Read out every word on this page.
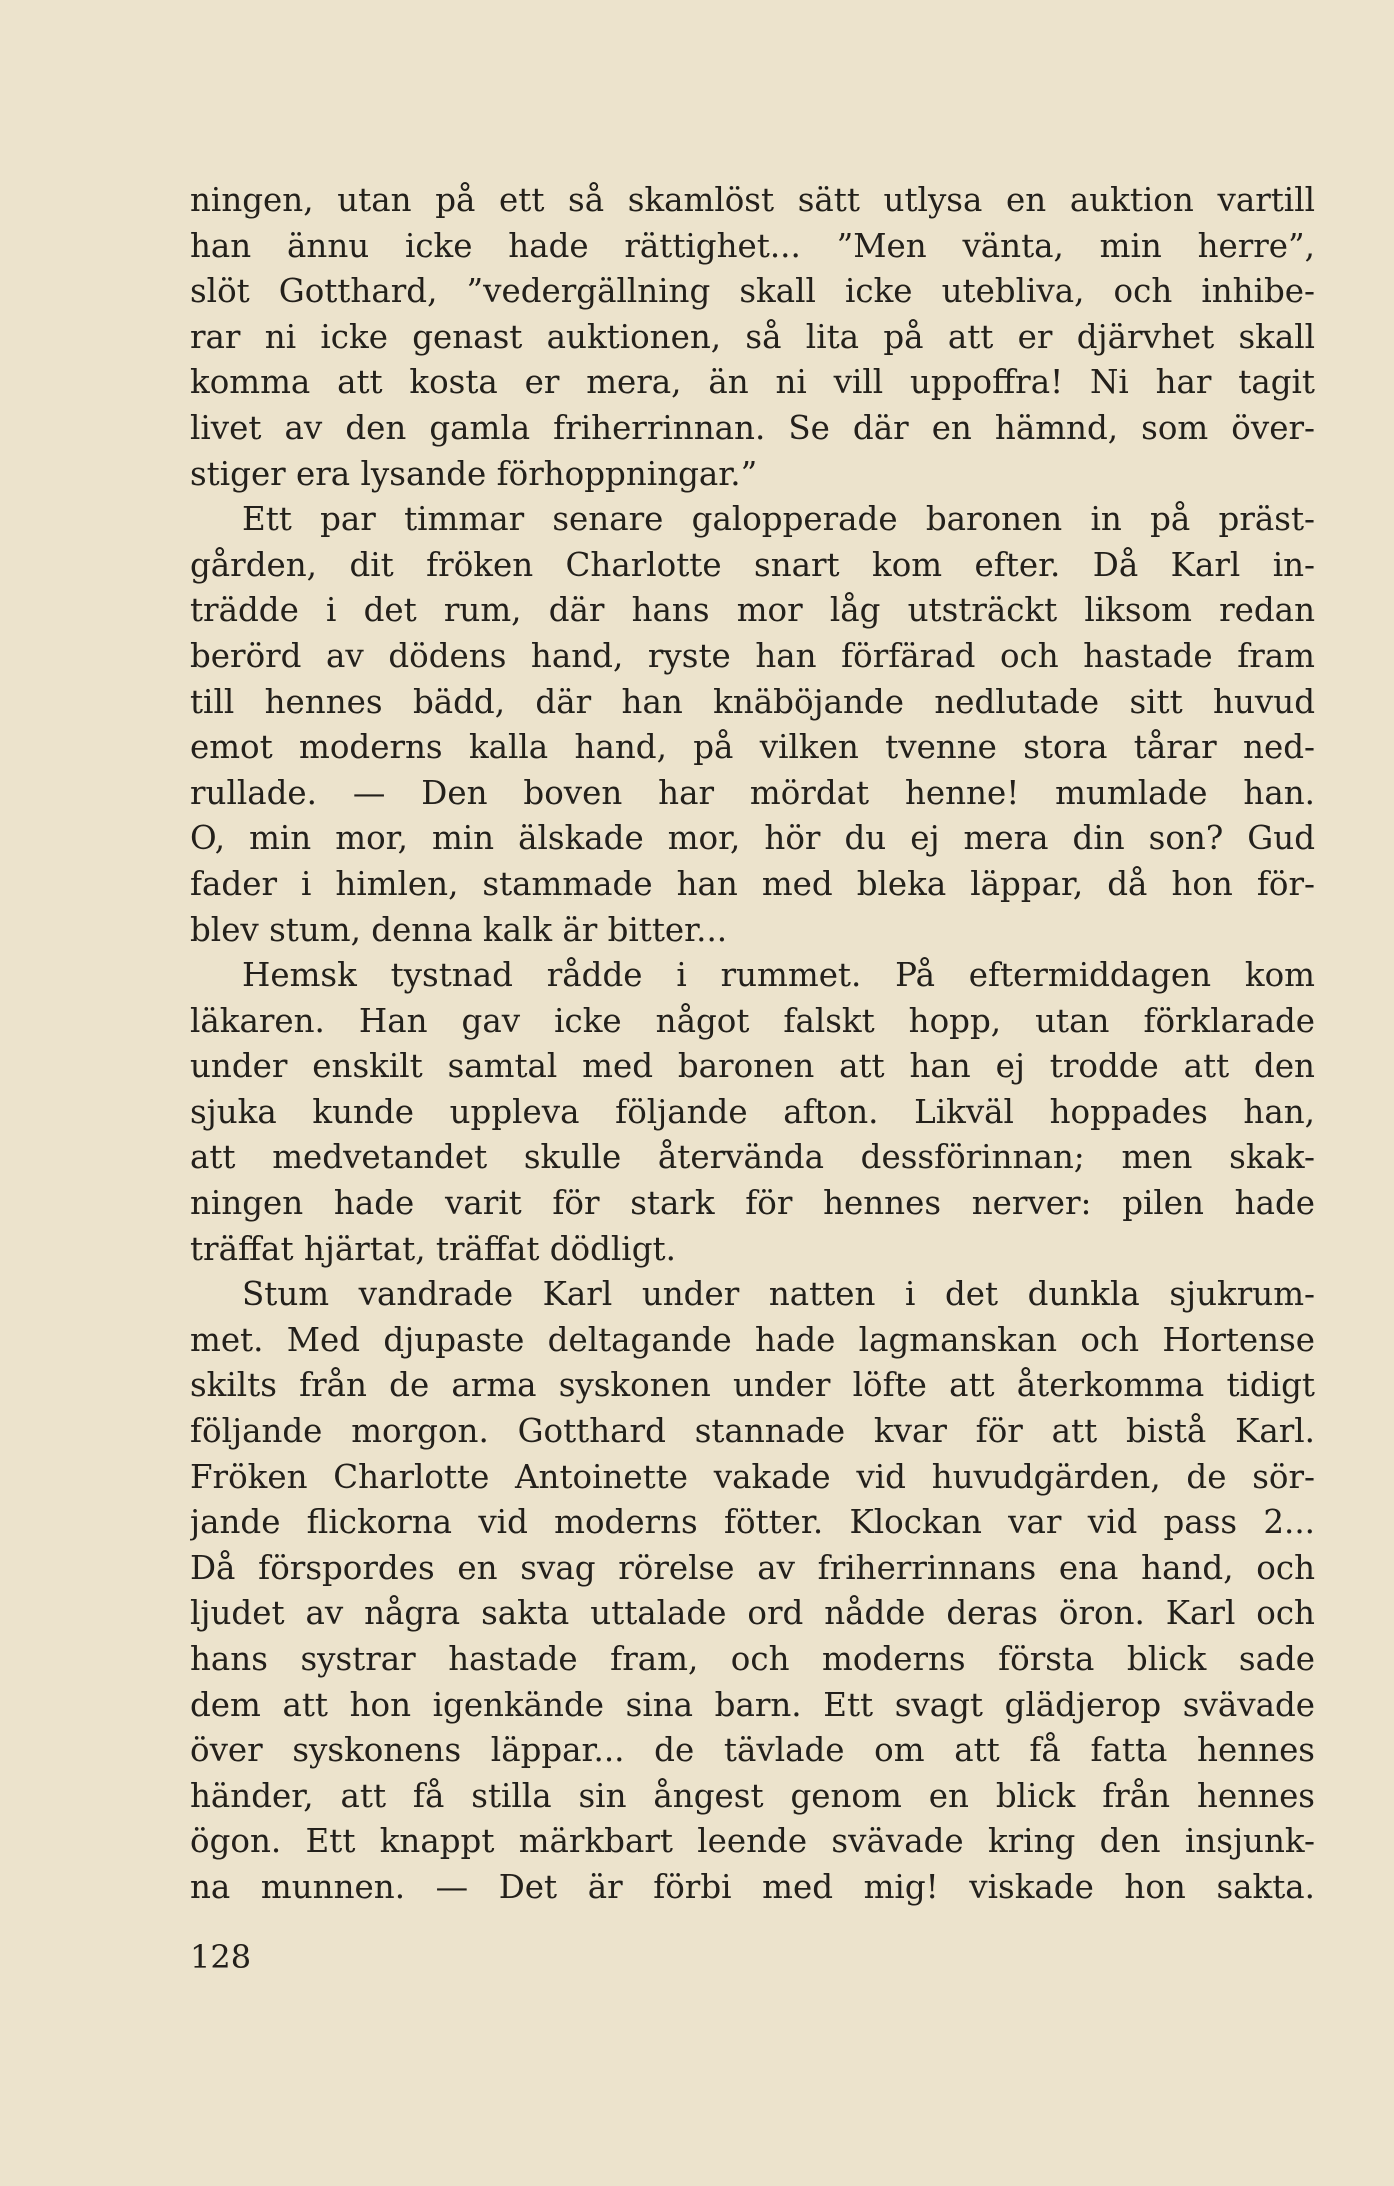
ningen, utan på ett så skamlöst sätt utlysa en auktion vartill
han ännu icke hade rättighet... ”Men vänta, min herre”,
slöt Gotthard, ”vedergällning skall icke utebliva, och inhibe-
rar ni icke genast auktionen, så lita på att er djärvhet skall
komma att kosta er mera, än ni vill uppoffra! Ni har tagit
livet av den gamla friherrinnan. Se där en hämnd, som över-
stiger era lysande förhoppningar.”
Ett par timmar senare galopperade baronen in på präst-
gården, dit fröken Charlotte snart kom efter. Då Karl in-
trädde i det rum, där hans mor låg utsträckt liksom redan
berörd av dödens hand, ryste han förfärad och hastade fram
till hennes bädd, där han knäböjande nedlutade sitt huvud
emot moderns kalla hand, på vilken tvenne stora tårar ned-
rullade. — Den boven har mördat henne! mumlade han.
O, min mor, min älskade mor, hör du ej mera din son? Gud
fader i himlen, stammade han med bleka läppar, då hon för-
blev stum, denna kalk är bitter...
Hemsk tystnad rådde i rummet. På eftermiddagen kom
läkaren. Han gav icke något falskt hopp, utan förklarade
under enskilt samtal med baronen att han ej trodde att den
sjuka kunde uppleva följande afton. Likväl hoppades han,
att medvetandet skulle återvända dessförinnan; men skak-
ningen hade varit för stark för hennes nerver: pilen hade
träffat hjärtat, träffat dödligt.
Stum vandrade Karl under natten i det dunkla sjukrum-
met. Med djupaste deltagande hade lagmanskan och Hortense
skilts från de arma syskonen under löfte att återkomma tidigt
följande morgon. Gotthard stannade kvar för att bistå Karl.
Fröken Charlotte Antoinette vakade vid huvudgärden, de sör-
jande flickorna vid moderns fötter. Klockan var vid pass 2...
Då förspordes en svag rörelse av friherrinnans ena hand, och
ljudet av några sakta uttalade ord nådde deras öron. Karl och
hans systrar hastade fram, och moderns första blick sade
dem att hon igenkände sina barn. Ett svagt glädjerop svävade
över syskonens läppar... de tävlade om att få fatta hennes
händer, att få stilla sin ångest genom en blick från hennes
ögon. Ett knappt märkbart leende svävade kring den insjunk-
na munnen. — Det är förbi med mig! viskade hon sakta.
128
